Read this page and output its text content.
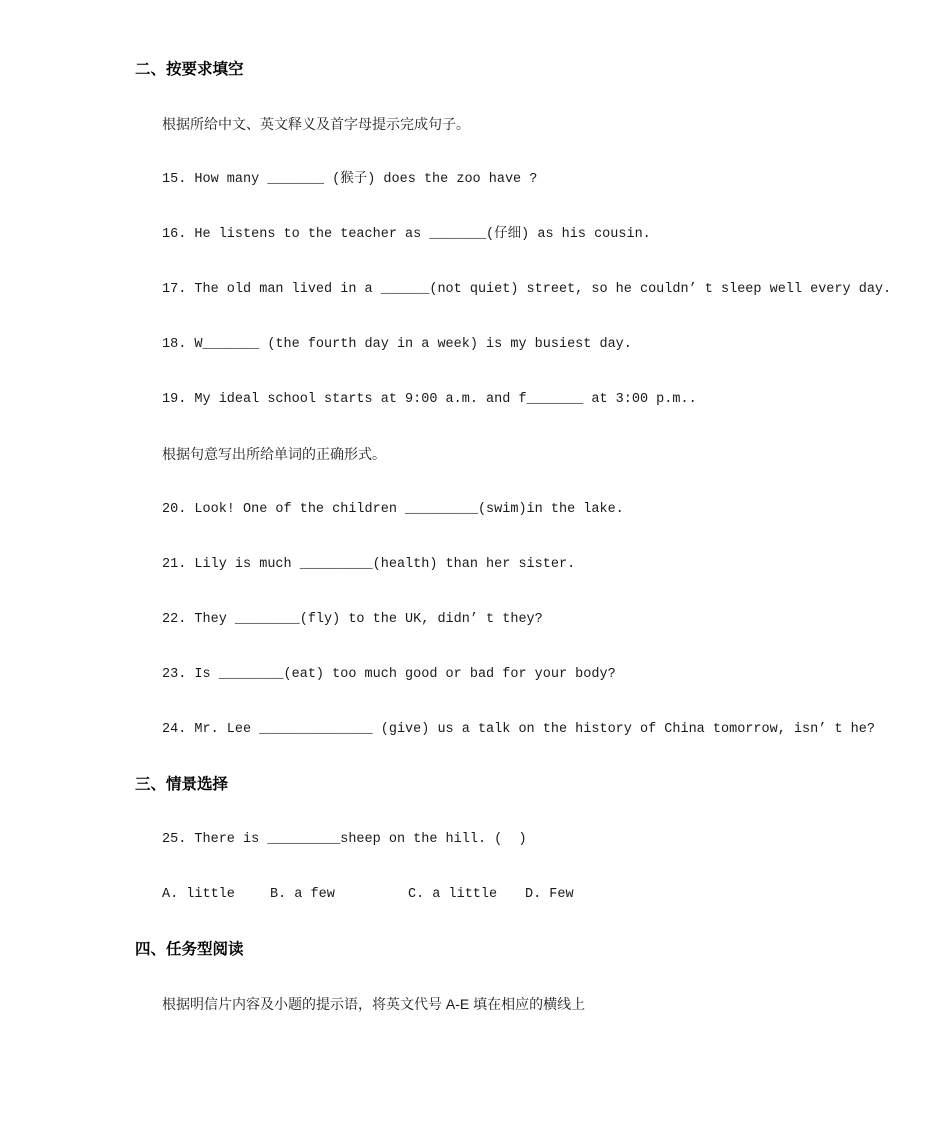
二、按要求填空
根据所给中文、英文释义及首字母提示完成句子。
15. How many _______ (猴子) does the zoo have ?
16. He listens to the teacher as _______(仔细) as his cousin.
17. The old man lived in a ______(not quiet) street, so he couldn’ t sleep well every day.
18. W_______ (the fourth day in a week) is my busiest day.
19. My ideal school starts at 9:00 a.m. and f_______ at 3:00 p.m..
根据句意写出所给单词的正确形式。
20. Look! One of the children _________(swim)in the lake.
21. Lily is much _________(health) than her sister.
22. They ________(fly) to the UK, didn’ t they?
23. Is ________(eat) too much good or bad for your body?
24. Mr. Lee ______________ (give) us a talk on the history of China tomorrow, isn’ t he?
三、情景选择
25. There is _________sheep on the hill. (  )

A. little

	B. a few

	C. a little

D. Few

四、任务型阅读
根据明信片内容及小题的提示语，将英文代号 A-E 填在相应的横线上
